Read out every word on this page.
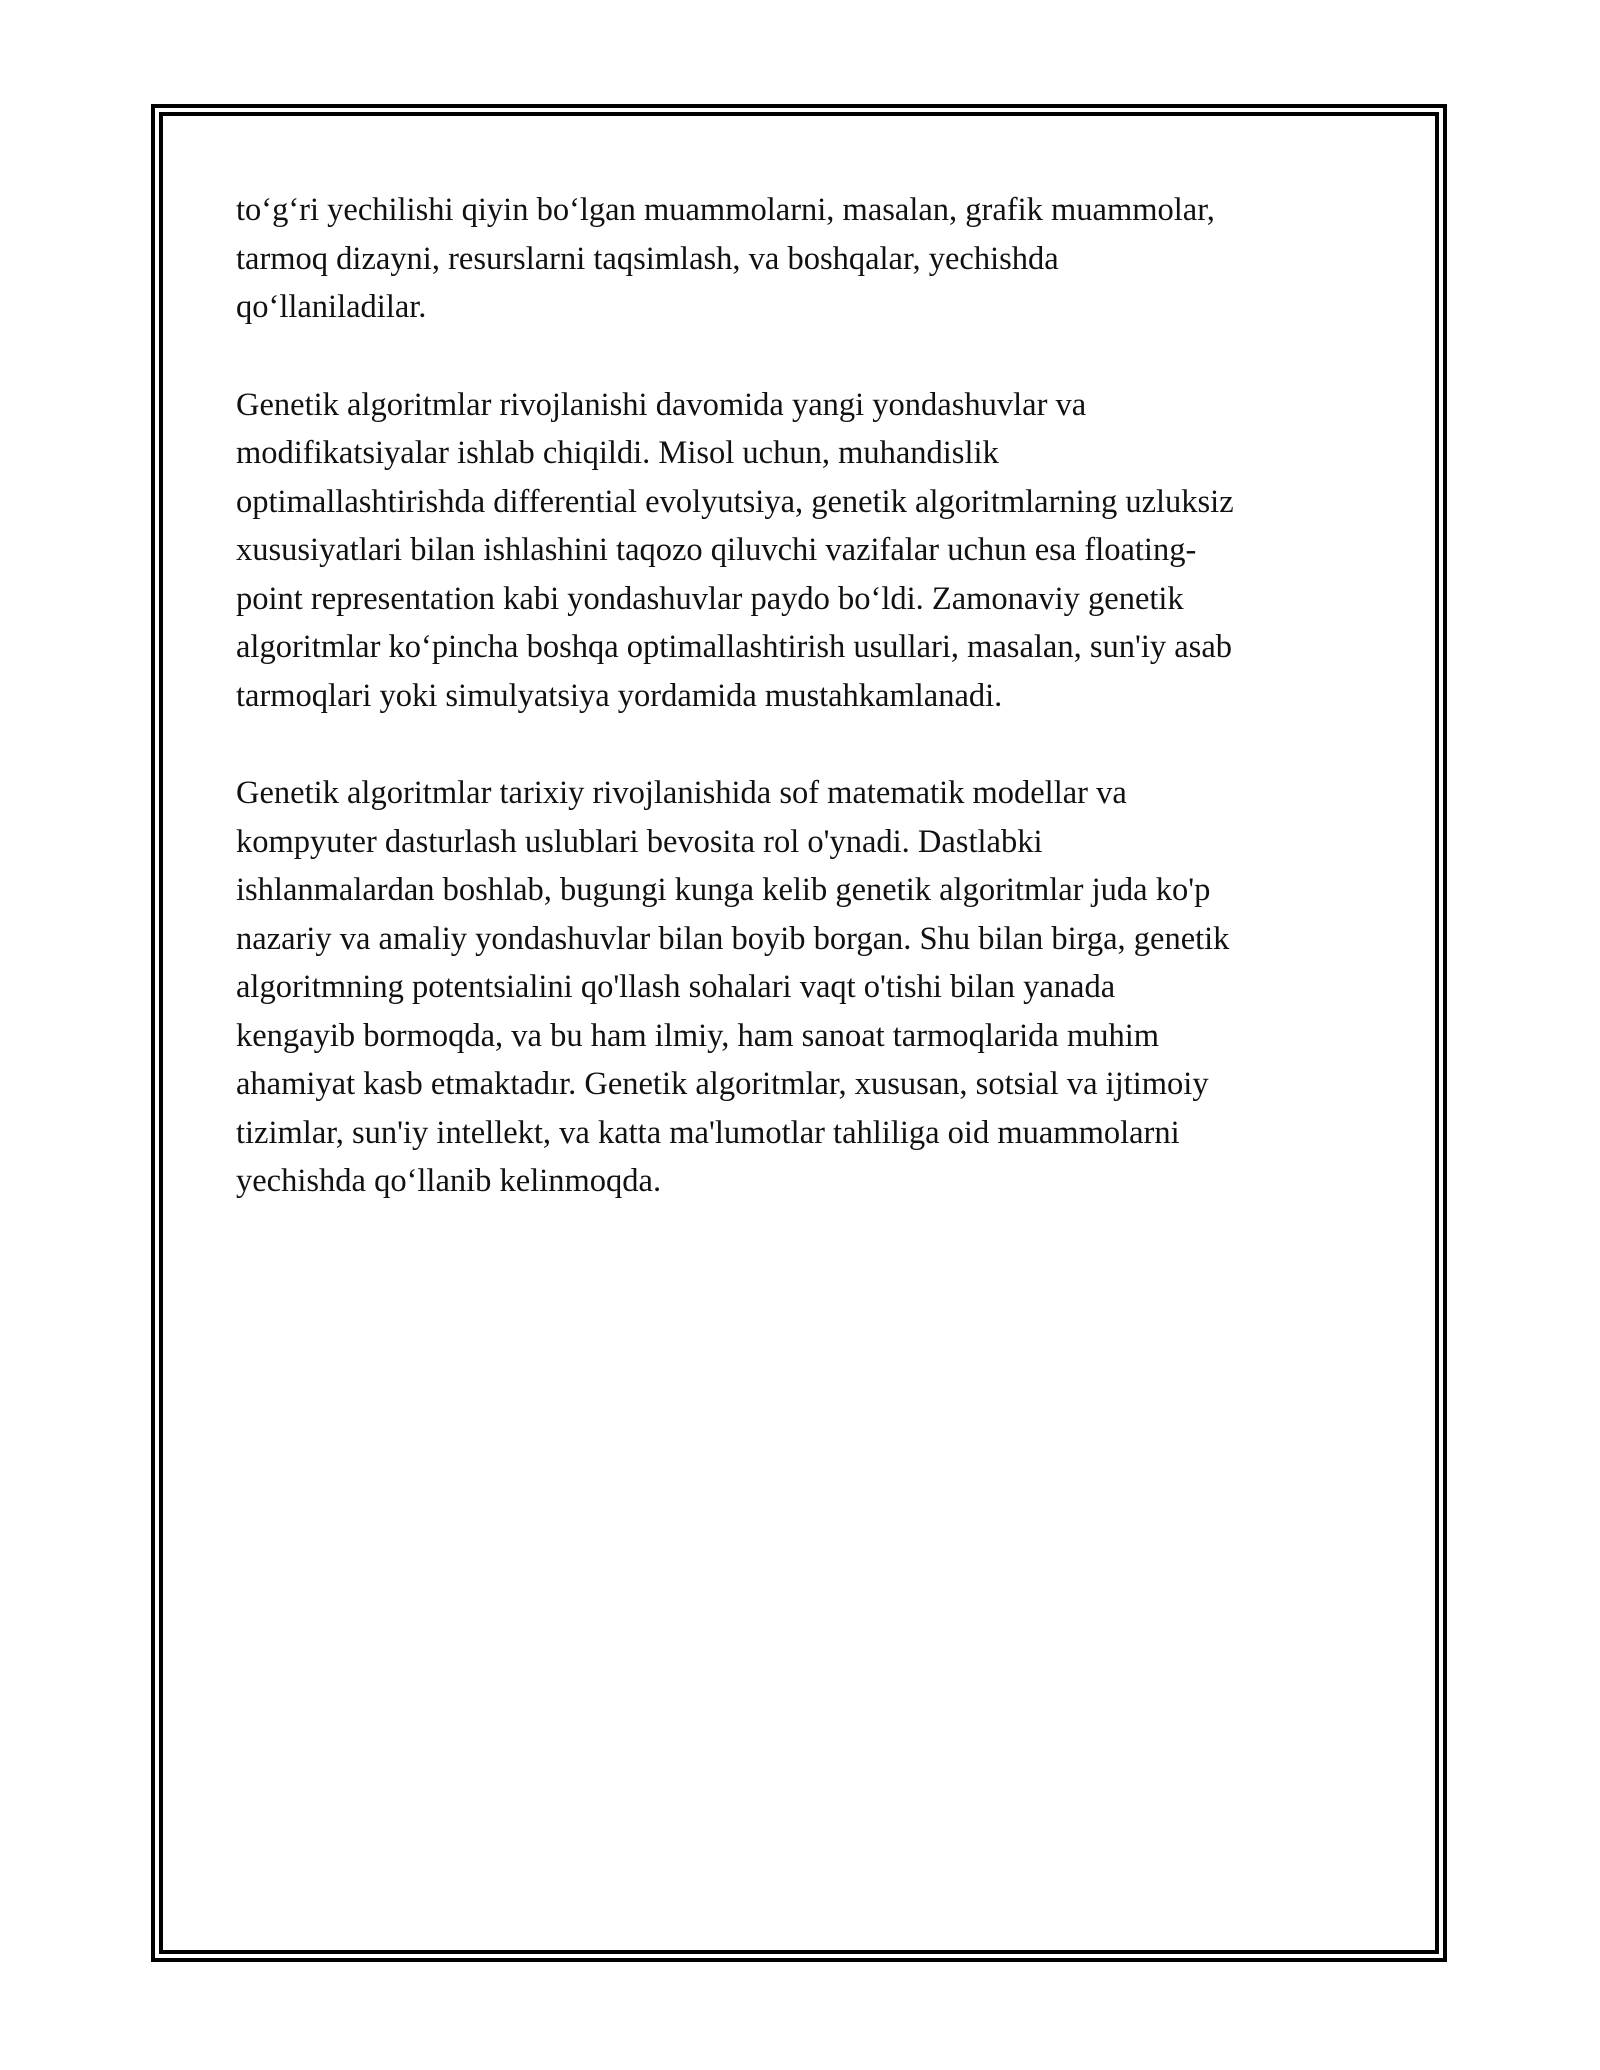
to‘g‘ri yechilishi qiyin bo‘lgan muammolarni, masalan, grafik muammolar,
tarmoq dizayni, resurslarni taqsimlash, va boshqalar, yechishda
qo‘llaniladilar.

Genetik algoritmlar rivojlanishi davomida yangi yondashuvlar va
modifikatsiyalar ishlab chiqildi. Misol uchun, muhandislik
optimallashtirishda differential evolyutsiya, genetik algoritmlarning uzluksiz
xususiyatlari bilan ishlashini taqozo qiluvchi vazifalar uchun esa floating-
point representation kabi yondashuvlar paydo bo‘ldi. Zamonaviy genetik
algoritmlar ko‘pincha boshqa optimallashtirish usullari, masalan, sun'iy asab
tarmoqlari yoki simulyatsiya yordamida mustahkamlanadi.

Genetik algoritmlar tarixiy rivojlanishida sof matematik modellar va
kompyuter dasturlash uslublari bevosita rol o'ynadi. Dastlabki
ishlanmalardan boshlab, bugungi kunga kelib genetik algoritmlar juda ko'p
nazariy va amaliy yondashuvlar bilan boyib borgan. Shu bilan birga, genetik
algoritmning potentsialini qo'llash sohalari vaqt o'tishi bilan yanada
kengayib bormoqda, va bu ham ilmiy, ham sanoat tarmoqlarida muhim
ahamiyat kasb etmaktadır. Genetik algoritmlar, xususan, sotsial va ijtimoiy
tizimlar, sun'iy intellekt, va katta ma'lumotlar tahliliga oid muammolarni
yechishda qo‘llanib kelinmoqda.
